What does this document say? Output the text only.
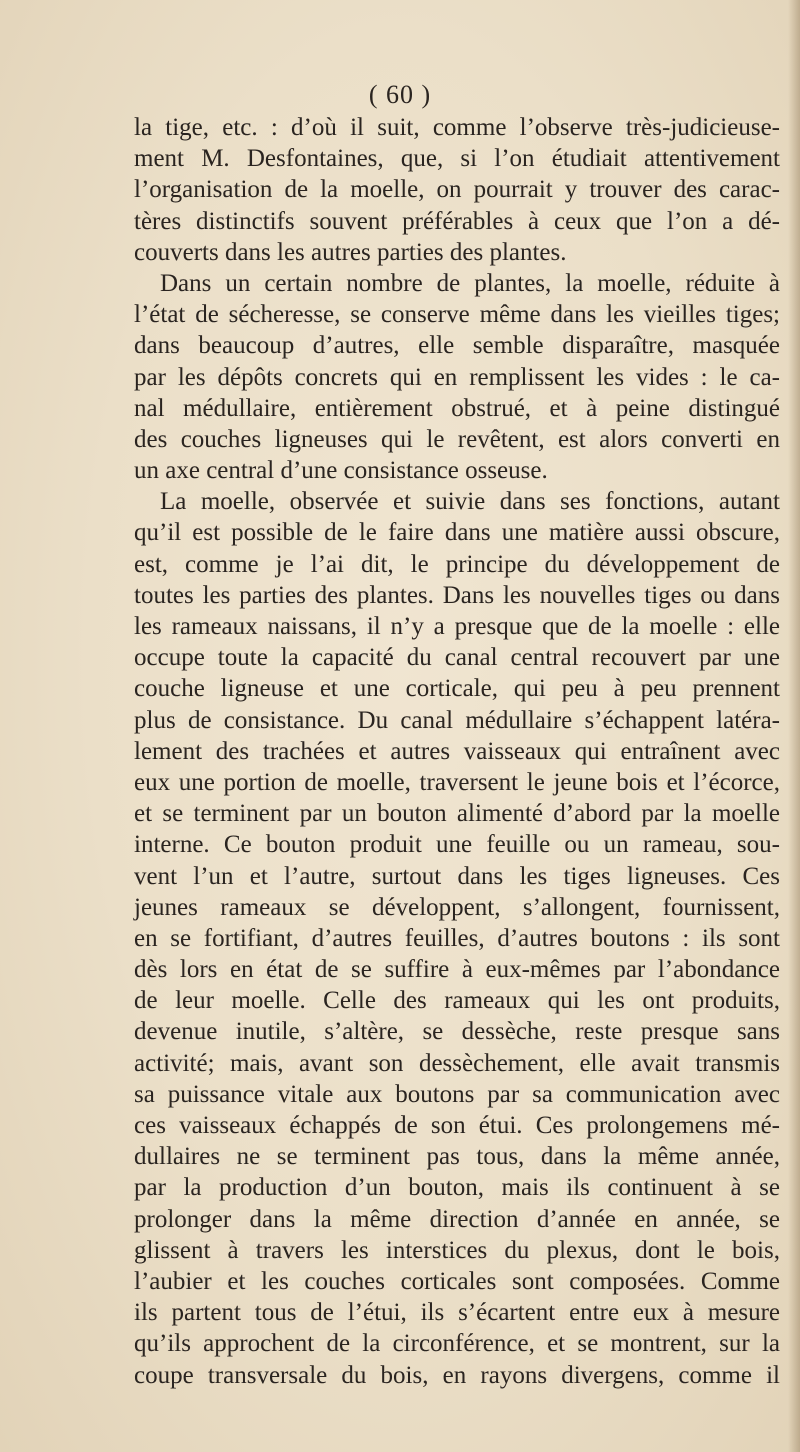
( 60 )
la tige, etc. : d’où il suit, comme l’observe très-judicieuse-
ment M. Desfontaines, que, si l’on étudiait attentivement
l’organisation de la moelle, on pourrait y trouver des carac-
tères distinctifs souvent préférables à ceux que l’on a dé-
couverts dans les autres parties des plantes.
Dans un certain nombre de plantes, la moelle, réduite à
l’état de sécheresse, se conserve même dans les vieilles tiges;
dans beaucoup d’autres, elle semble disparaître, masquée
par les dépôts concrets qui en remplissent les vides : le ca-
nal médullaire, entièrement obstrué, et à peine distingué
des couches ligneuses qui le revêtent, est alors converti en
un axe central d’une consistance osseuse.
La moelle, observée et suivie dans ses fonctions, autant
qu’il est possible de le faire dans une matière aussi obscure,
est, comme je l’ai dit, le principe du développement de
toutes les parties des plantes. Dans les nouvelles tiges ou dans
les rameaux naissans, il n’y a presque que de la moelle : elle
occupe toute la capacité du canal central recouvert par une
couche ligneuse et une corticale, qui peu à peu prennent
plus de consistance. Du canal médullaire s’échappent latéra-
lement des trachées et autres vaisseaux qui entraînent avec
eux une portion de moelle, traversent le jeune bois et l’écorce,
et se terminent par un bouton alimenté d’abord par la moelle
interne. Ce bouton produit une feuille ou un rameau, sou-
vent l’un et l’autre, surtout dans les tiges ligneuses. Ces
jeunes rameaux se développent, s’allongent, fournissent,
en se fortifiant, d’autres feuilles, d’autres boutons : ils sont
dès lors en état de se suffire à eux-mêmes par l’abondance
de leur moelle. Celle des rameaux qui les ont produits,
devenue inutile, s’altère, se dessèche, reste presque sans
activité; mais, avant son dessèchement, elle avait transmis
sa puissance vitale aux boutons par sa communication avec
ces vaisseaux échappés de son étui. Ces prolongemens mé-
dullaires ne se terminent pas tous, dans la même année,
par la production d’un bouton, mais ils continuent à se
prolonger dans la même direction d’année en année, se
glissent à travers les interstices du plexus, dont le bois,
l’aubier et les couches corticales sont composées. Comme
ils partent tous de l’étui, ils s’écartent entre eux à mesure
qu’ils approchent de la circonférence, et se montrent, sur la
coupe transversale du bois, en rayons divergens, comme il
